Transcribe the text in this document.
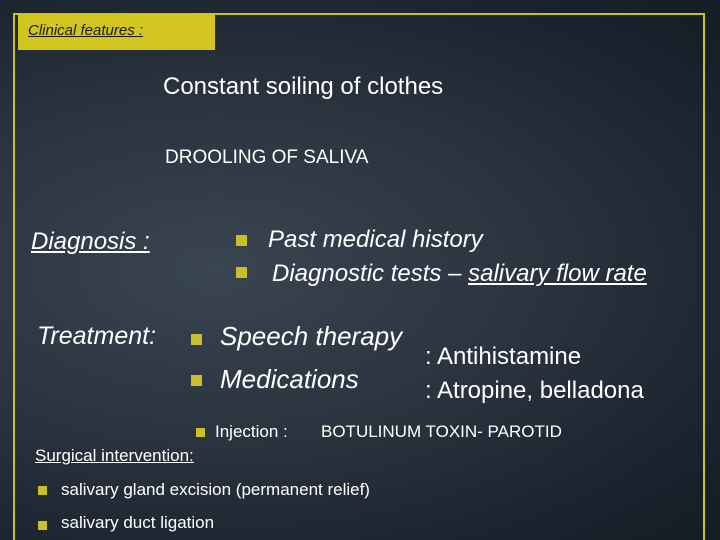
Clinical features :
Constant soiling of clothes
DROOLING OF SALIVA
Diagnosis :	Past medical history
Diagnostic tests – salivary flow rate
Treatment: Speech therapy
Medications
: Antihistamine
: Atropine, belladona
Injection : BOTULINUM TOXIN- PAROTID
Surgical intervention:
salivary gland excision (permanent relief)
salivary duct ligation
